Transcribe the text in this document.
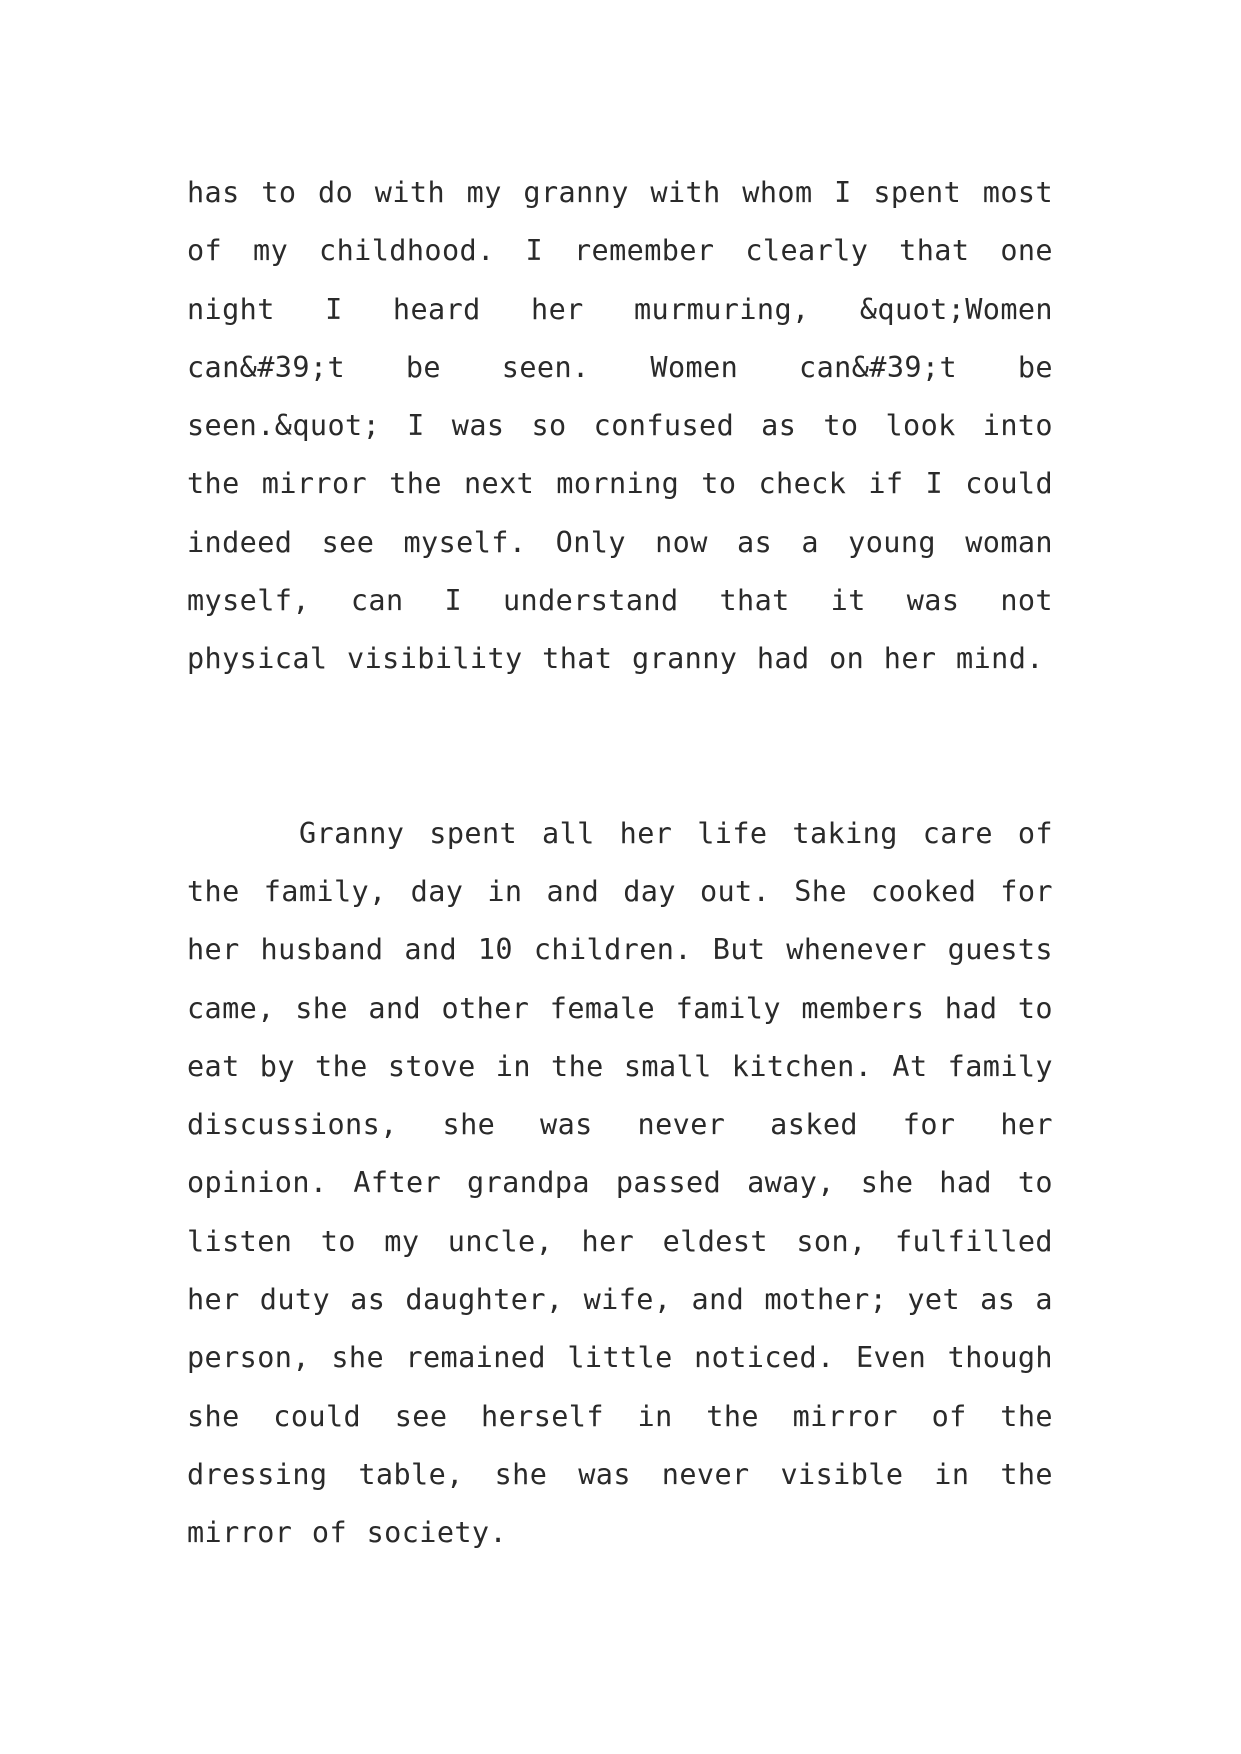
has to do with my granny with whom I spent most of my childhood. I remember clearly that one night I heard her murmuring, &quot;Women can&#39;t be seen. Women can&#39;t be seen.&quot; I was so confused as to look into the mirror the next morning to check if I could indeed see myself. Only now as a young woman myself, can I understand that it was not physical visibility that granny had on her mind.

Granny spent all her life taking care of the family, day in and day out. She cooked for her husband and 10 children. But whenever guests came, she and other female family members had to eat by the stove in the small kitchen. At family discussions, she was never asked for her opinion. After grandpa passed away, she had to listen to my uncle, her eldest son, fulfilled her duty as daughter, wife, and mother; yet as a person, she remained little noticed. Even though she could see herself in the mirror of the dressing table, she was never visible in the mirror of society.
